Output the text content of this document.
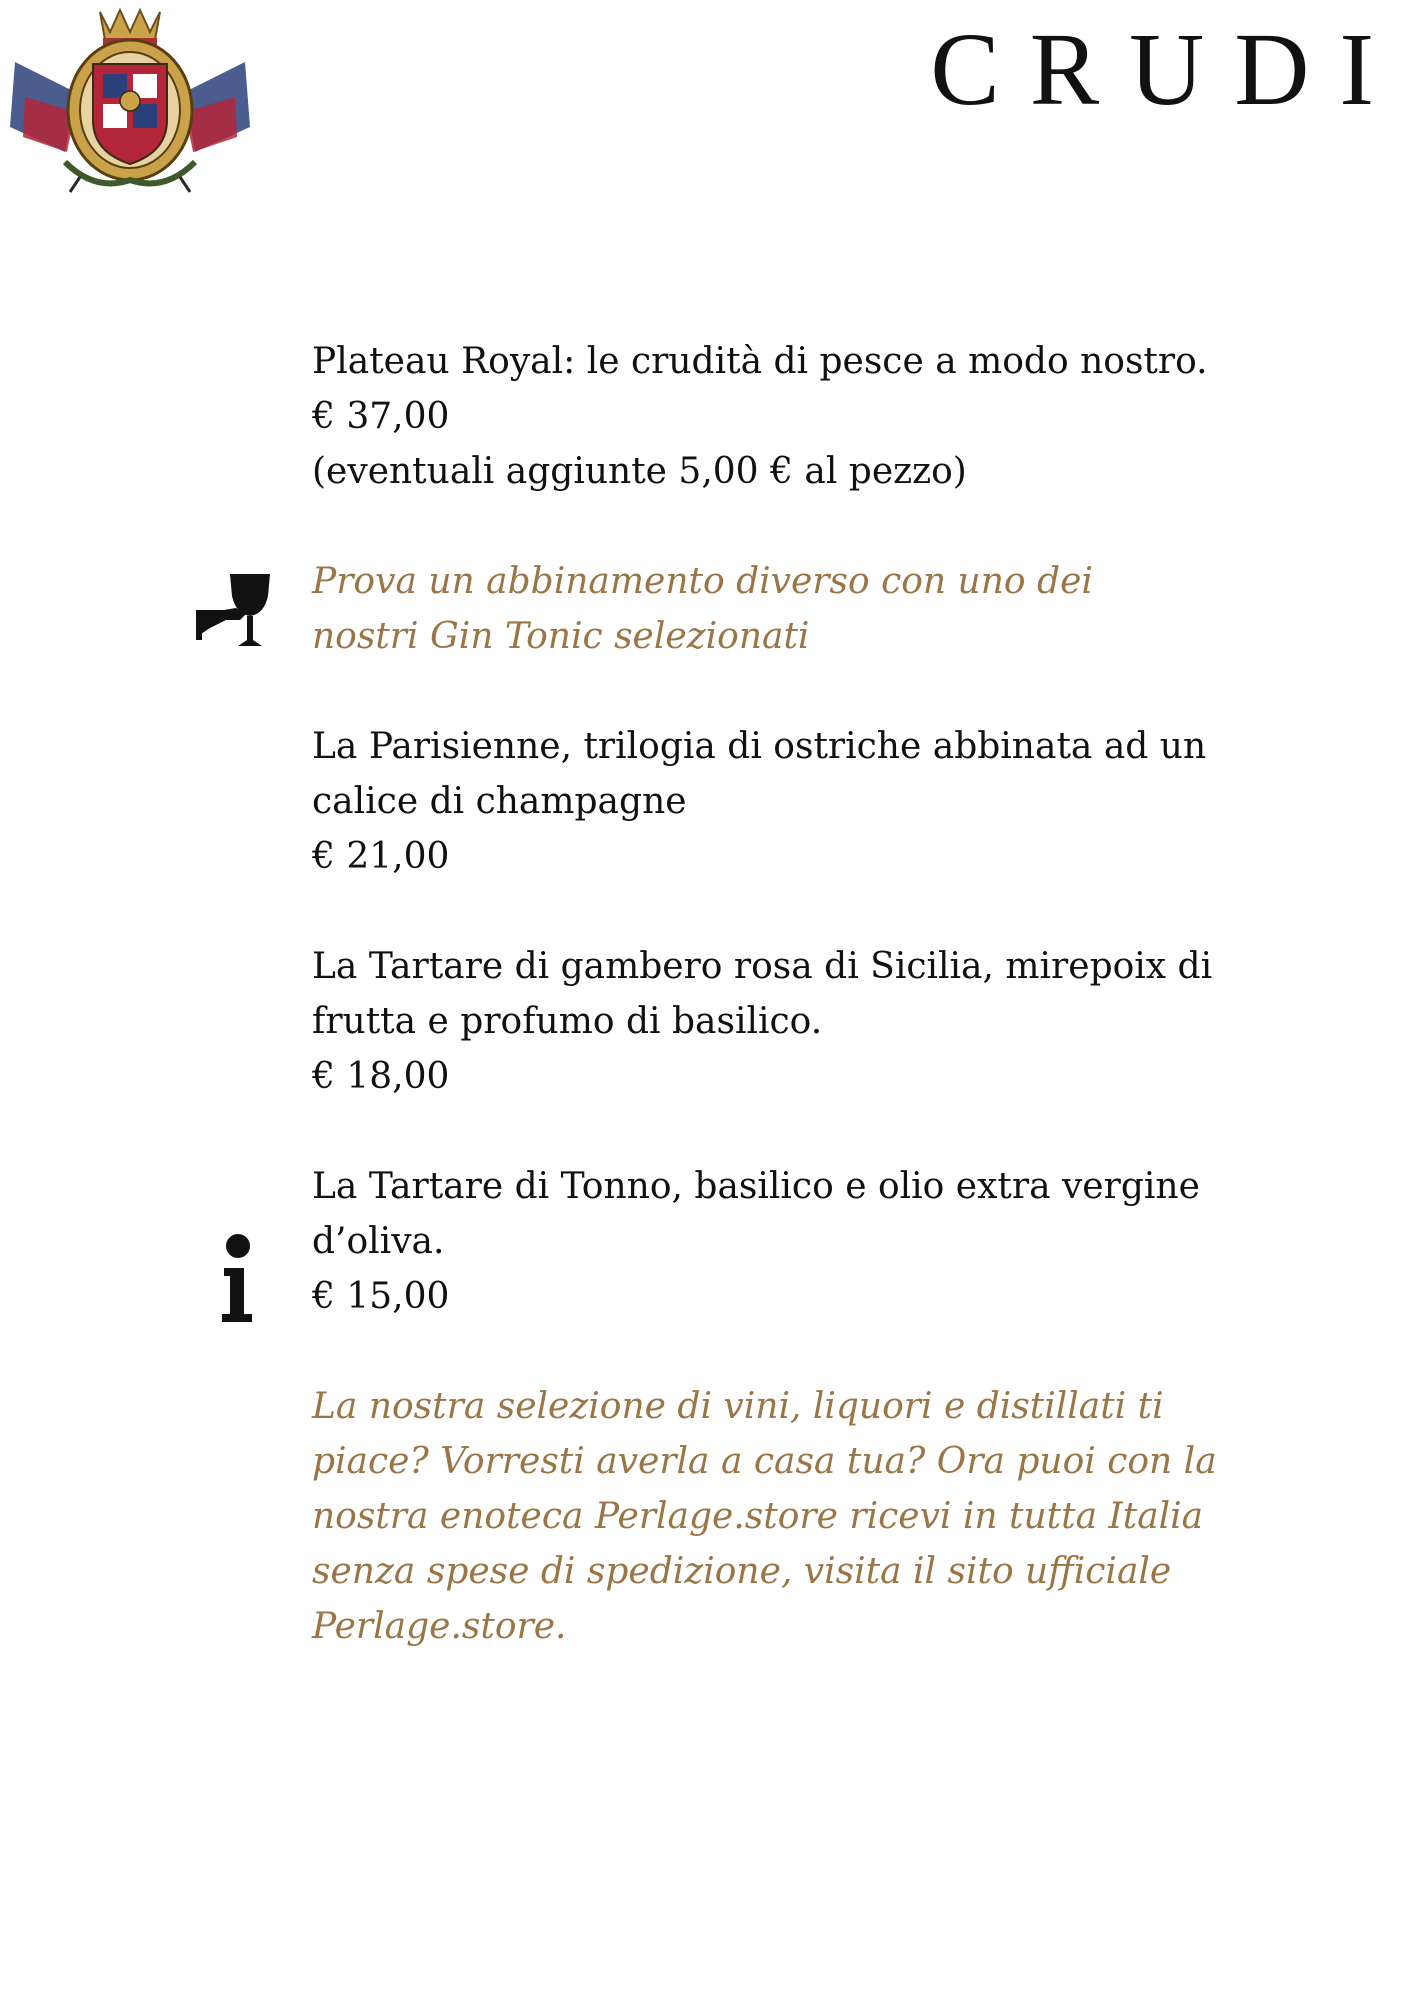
CRUDI
Plateau Royal: le crudità di pesce a modo nostro.
€ 37,00
(eventuali aggiunte 5,00 € al pezzo)
Prova un abbinamento diverso con uno dei
nostri Gin Tonic selezionati
La Parisienne, trilogia di ostriche abbinata ad un
calice di champagne
€ 21,00
La Tartare di gambero rosa di Sicilia, mirepoix di
frutta e profumo di basilico.
€ 18,00
La Tartare di Tonno, basilico e olio extra vergine
d’oliva.
€ 15,00
La nostra selezione di vini, liquori e distillati ti
piace? Vorresti averla a casa tua? Ora puoi con la
nostra enoteca Perlage.store ricevi in tutta Italia
senza spese di spedizione, visita il sito ufficiale
Perlage.store.
